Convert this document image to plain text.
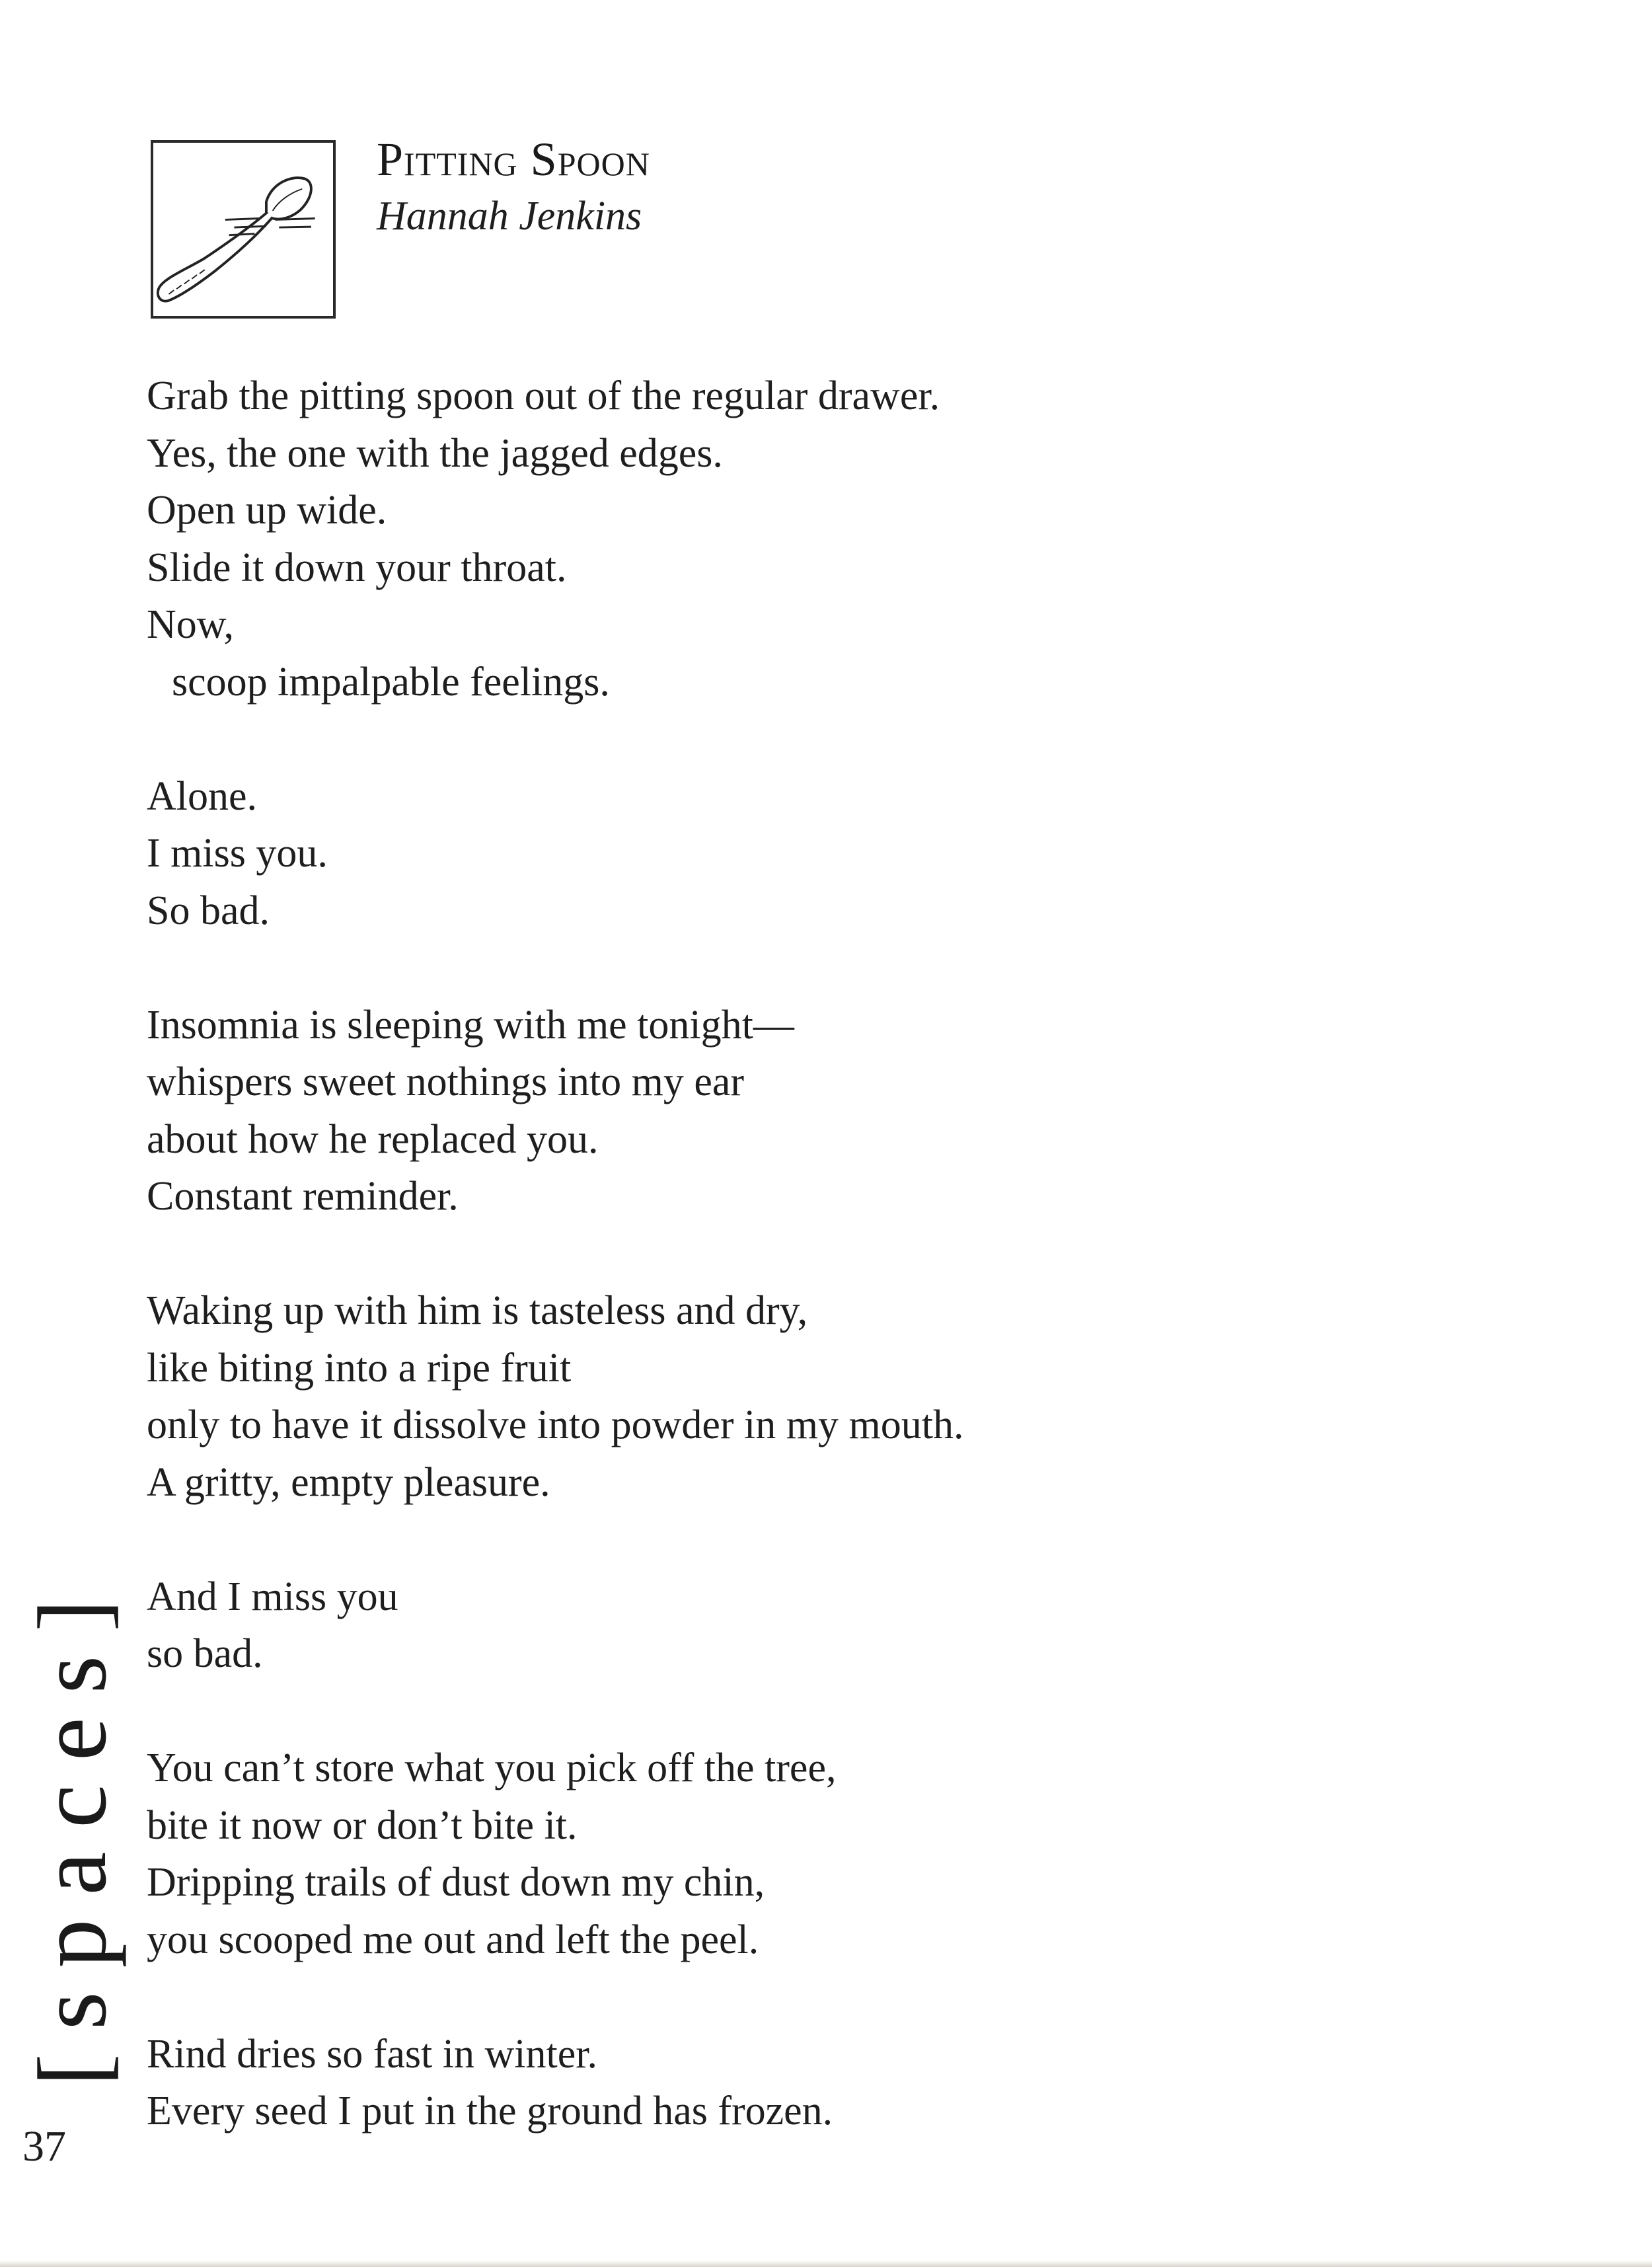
Pitting Spoon
Hannah Jenkins
Grab the pitting spoon out of the regular drawer.
Yes, the one with the jagged edges.
Open up wide.
Slide it down your throat.
Now,
scoop impalpable feelings.
Alone.
I miss you.
So bad.
Insomnia is sleeping with me tonight—
whispers sweet nothings into my ear
about how he replaced you.
Constant reminder.
Waking up with him is tasteless and dry,
like biting into a ripe fruit
only to have it dissolve into powder in my mouth.
A gritty, empty pleasure.
And I miss you
so bad.
You can’t store what you pick off the tree,
bite it now or don’t bite it.
Dripping trails of dust down my chin,
you scooped me out and left the peel.
Rind dries so fast in winter.
Every seed I put in the ground has frozen.
[spaces]
37
